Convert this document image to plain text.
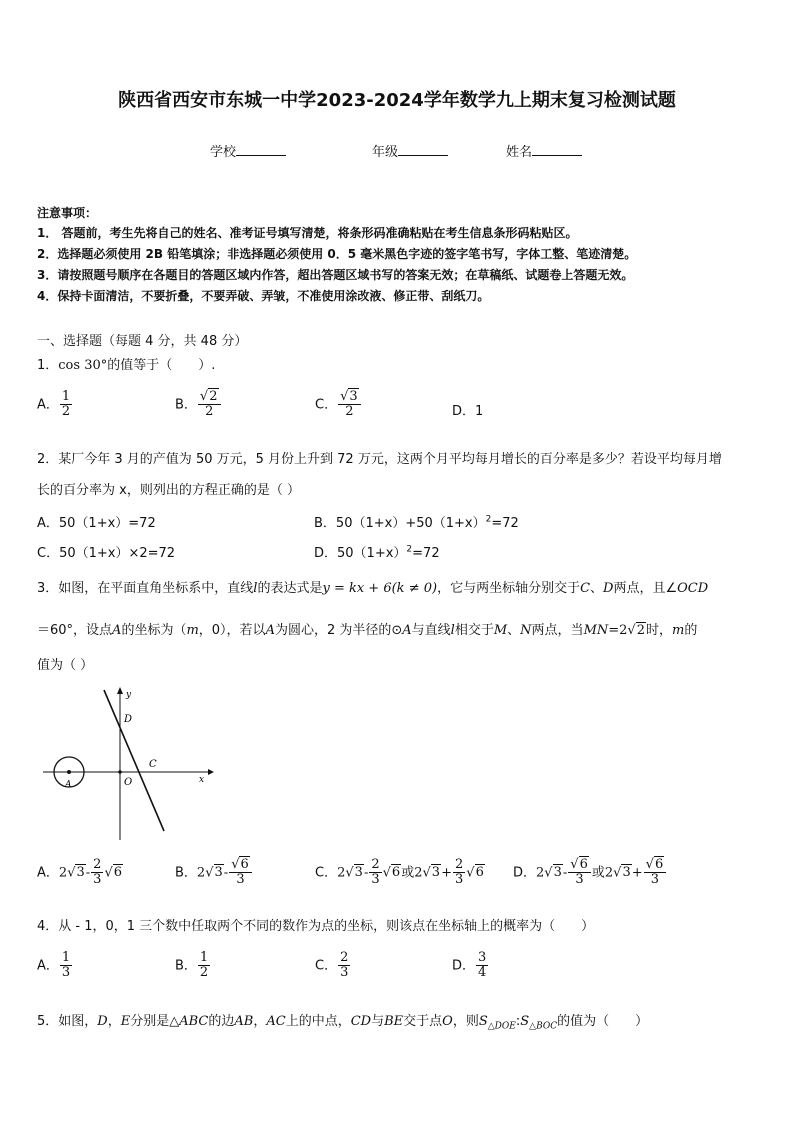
陕西省西安市东城一中学2023-2024学年数学九上期末复习检测试题
学校	年级	姓名
注意事项：
1． 答题前，考生先将自己的姓名、准考证号填写清楚，将条形码准确粘贴在考生信息条形码粘贴区。
2．选择题必须使用 2B 铅笔填涂；非选择题必须使用 0．5 毫米黑色字迹的签字笔书写，字体工整、笔迹清楚。
3．请按照题号顺序在各题目的答题区域内作答，超出答题区域书写的答案无效；在草稿纸、试题卷上答题无效。
4．保持卡面清洁，不要折叠，不要弄破、弄皱，不准使用涂改液、修正带、刮纸刀。
一、选择题（每题 4 分，共 48 分）
1．cos 30°的值等于（　　）.
A． $\frac{1}{2}$	B． $\frac{√2}{2}$	C． $\frac{√3}{2}$	D．1
2．某厂今年 3 月的产值为 50 万元，5 月份上升到 72 万元，这两个月平均每月增长的百分率是多少？若设平均每月增
长的百分率为 x，则列出的方程正确的是（ ）
A．50（1+x）=72	B．$50(1+x)+50(1+x)^2=72$
C．50（1+x）×2=72	D．$50(1+x)^2=72$
3．如图，在平面直角坐标系中，直线l的表达式是y = kx + 6(k ≠ 0)，它与两坐标轴分别交于C、D两点，且∠OCD
＝60°，设点A的坐标为（m，0），若以A为圆心，2 为半径的⊙A与直线l相交于M、N两点，当MN=2√2时，m的
值为（ ）
y
x
D
C
O
A
A．$2√3- \frac{2}{3} √6$	B．$2√3- \frac{√6}{3}$	C．$2√3- \frac{2}{3} √6$或$2√3+ \frac{2}{3} √6$ D．$2√3- \frac{√6}{3}$ 或$2√3+ \frac{√6}{3}$
4．从 - 1，0，1 三个数中任取两个不同的数作为点的坐标，则该点在坐标轴上的概率为（　　）
A． $\frac{1}{3}$	B． $\frac{1}{2}$	C． $\frac{2}{3}$	D． $\frac{3}{4}$
5．如图，D，E分别是△ABC的边AB，AC上的中点，CD与BE交于点O，则$S_{\triangle DOE}:S_{\triangle BOC}$的值为（　　）
